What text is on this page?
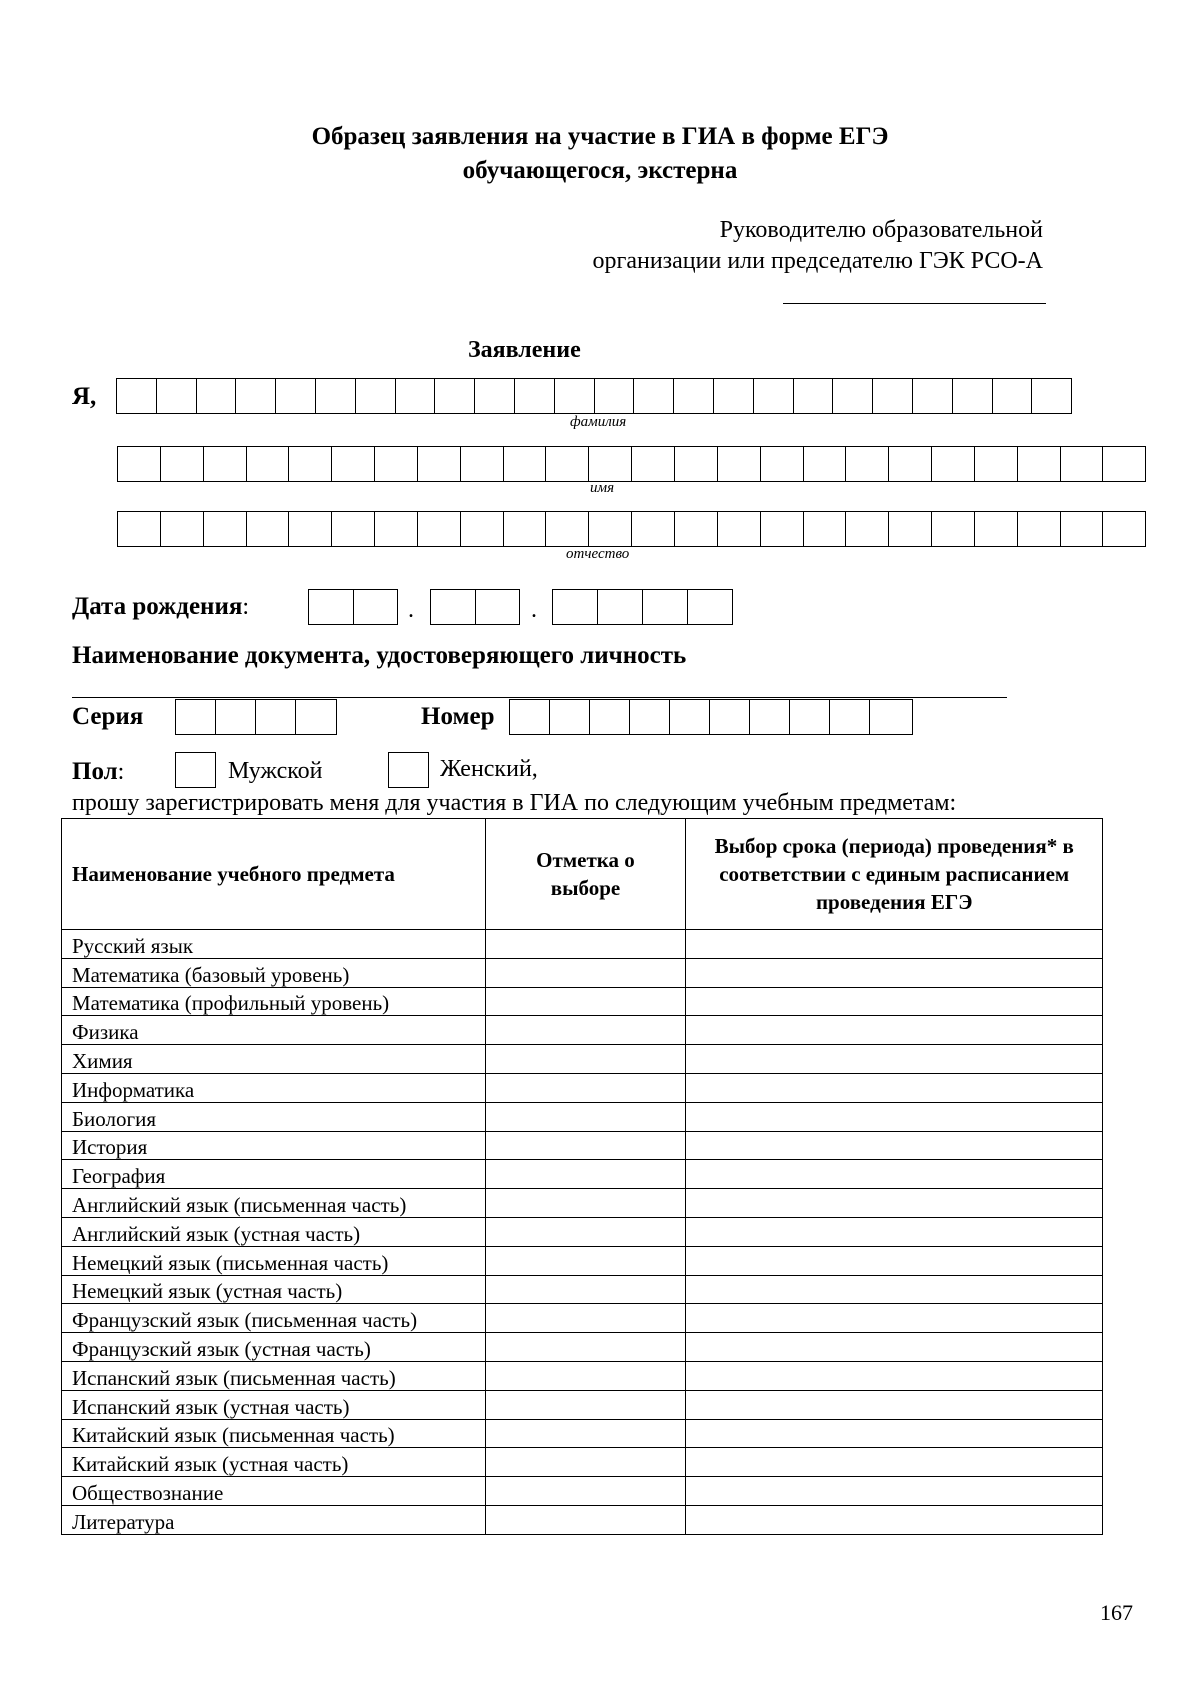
Образец заявления на участие в ГИА в форме ЕГЭ
обучающегося, экстерна
Руководителю образовательной
организации или председателю ГЭК РСО-А
Заявление
Я,
фамилия
имя
отчество
Дата рождения:	.	.
Наименование документа, удостоверяющего личность
Серия	Номер
Пол:	Мужской	Женский,
прошу зарегистрировать меня для участия в ГИА по следующим учебным предметам:
Наименование учебного предмета	Отметка о выборе	Выбор срока (периода) проведения* в соответствии с единым расписанием проведения ЕГЭ
Русский язык		
Математика (базовый уровень)		
Математика (профильный уровень)		
Физика		
Химия		
Информатика		
Биология		
История		
География		
Английский язык (письменная часть)		
Английский язык (устная часть)		
Немецкий язык (письменная часть)		
Немецкий язык (устная часть)		
Французский язык (письменная часть)		
Французский язык (устная часть)		
Испанский язык (письменная часть)		
Испанский язык (устная часть)		
Китайский язык (письменная часть)		
Китайский язык (устная часть)		
Обществознание		
Литература		
167
